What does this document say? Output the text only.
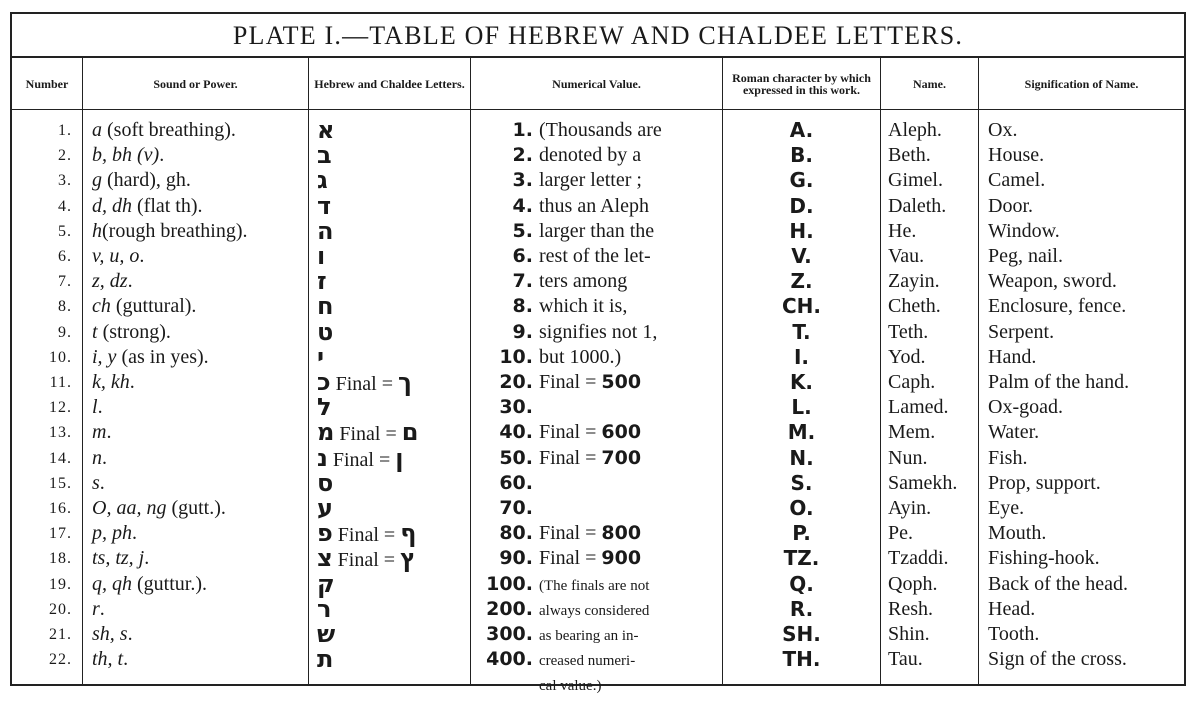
PLATE I.—TABLE OF HEBREW AND CHALDEE LETTERS.
Number
1.
2.
3.
4.
5.
6.
7.
8.
9.
10.
11.
12.
13.
14.
15.
16.
17.
18.
19.
20.
21.
22.
Sound or Power.
a (soft breathing).
b, bh (v).
g (hard), gh.
d, dh (flat th).
h(rough breathing).
v, u, o.
z, dz.
ch (guttural).
t (strong).
i, y (as in yes).
k, kh.
l.
m.
n.
s.
O, aa, ng (gutt.).
p, ph.
ts, tz, j.
q, qh (guttur.).
r.
sh, s.
th, t.
Hebrew and Chaldee Letters.
א
ב
ג
ד
ה
ו
ז
ח
ט
י
כ Final = ך
ל
מ Final = ם
נ Final = ן
ס
ע
פ Final = ף
צ Final = ץ
ק
ר
ש
ת
Numerical Value.
1. (Thousands are
2. denoted by a
3. larger letter ;
4. thus an Aleph
5. larger than the
6. rest of the let-
7. ters among
8. which it is,
9. signifies not 1,
10. but 1000.)
20. Final = 500
30.
40. Final = 600
50. Final = 700
60.
70.
80. Final = 800
90. Final = 900
100. (The finals are not
200. always considered
300. as bearing an in-
400. creased numeri-
cal value.)
Roman character by which expressed in this work.
A.
B.
G.
D.
H.
V.
Z.
CH.
T.
I.
K.
L.
M.
N.
S.
O.
P.
TZ.
Q.
R.
SH.
TH.
Name.
Aleph.
Beth.
Gimel.
Daleth.
He.
Vau.
Zayin.
Cheth.
Teth.
Yod.
Caph.
Lamed.
Mem.
Nun.
Samekh.
Ayin.
Pe.
Tzaddi.
Qoph.
Resh.
Shin.
Tau.
Signification of Name.
Ox.
House.
Camel.
Door.
Window.
Peg, nail.
Weapon, sword.
Enclosure, fence.
Serpent.
Hand.
Palm of the hand.
Ox-goad.
Water.
Fish.
Prop, support.
Eye.
Mouth.
Fishing-hook.
Back of the head.
Head.
Tooth.
Sign of the cross.
